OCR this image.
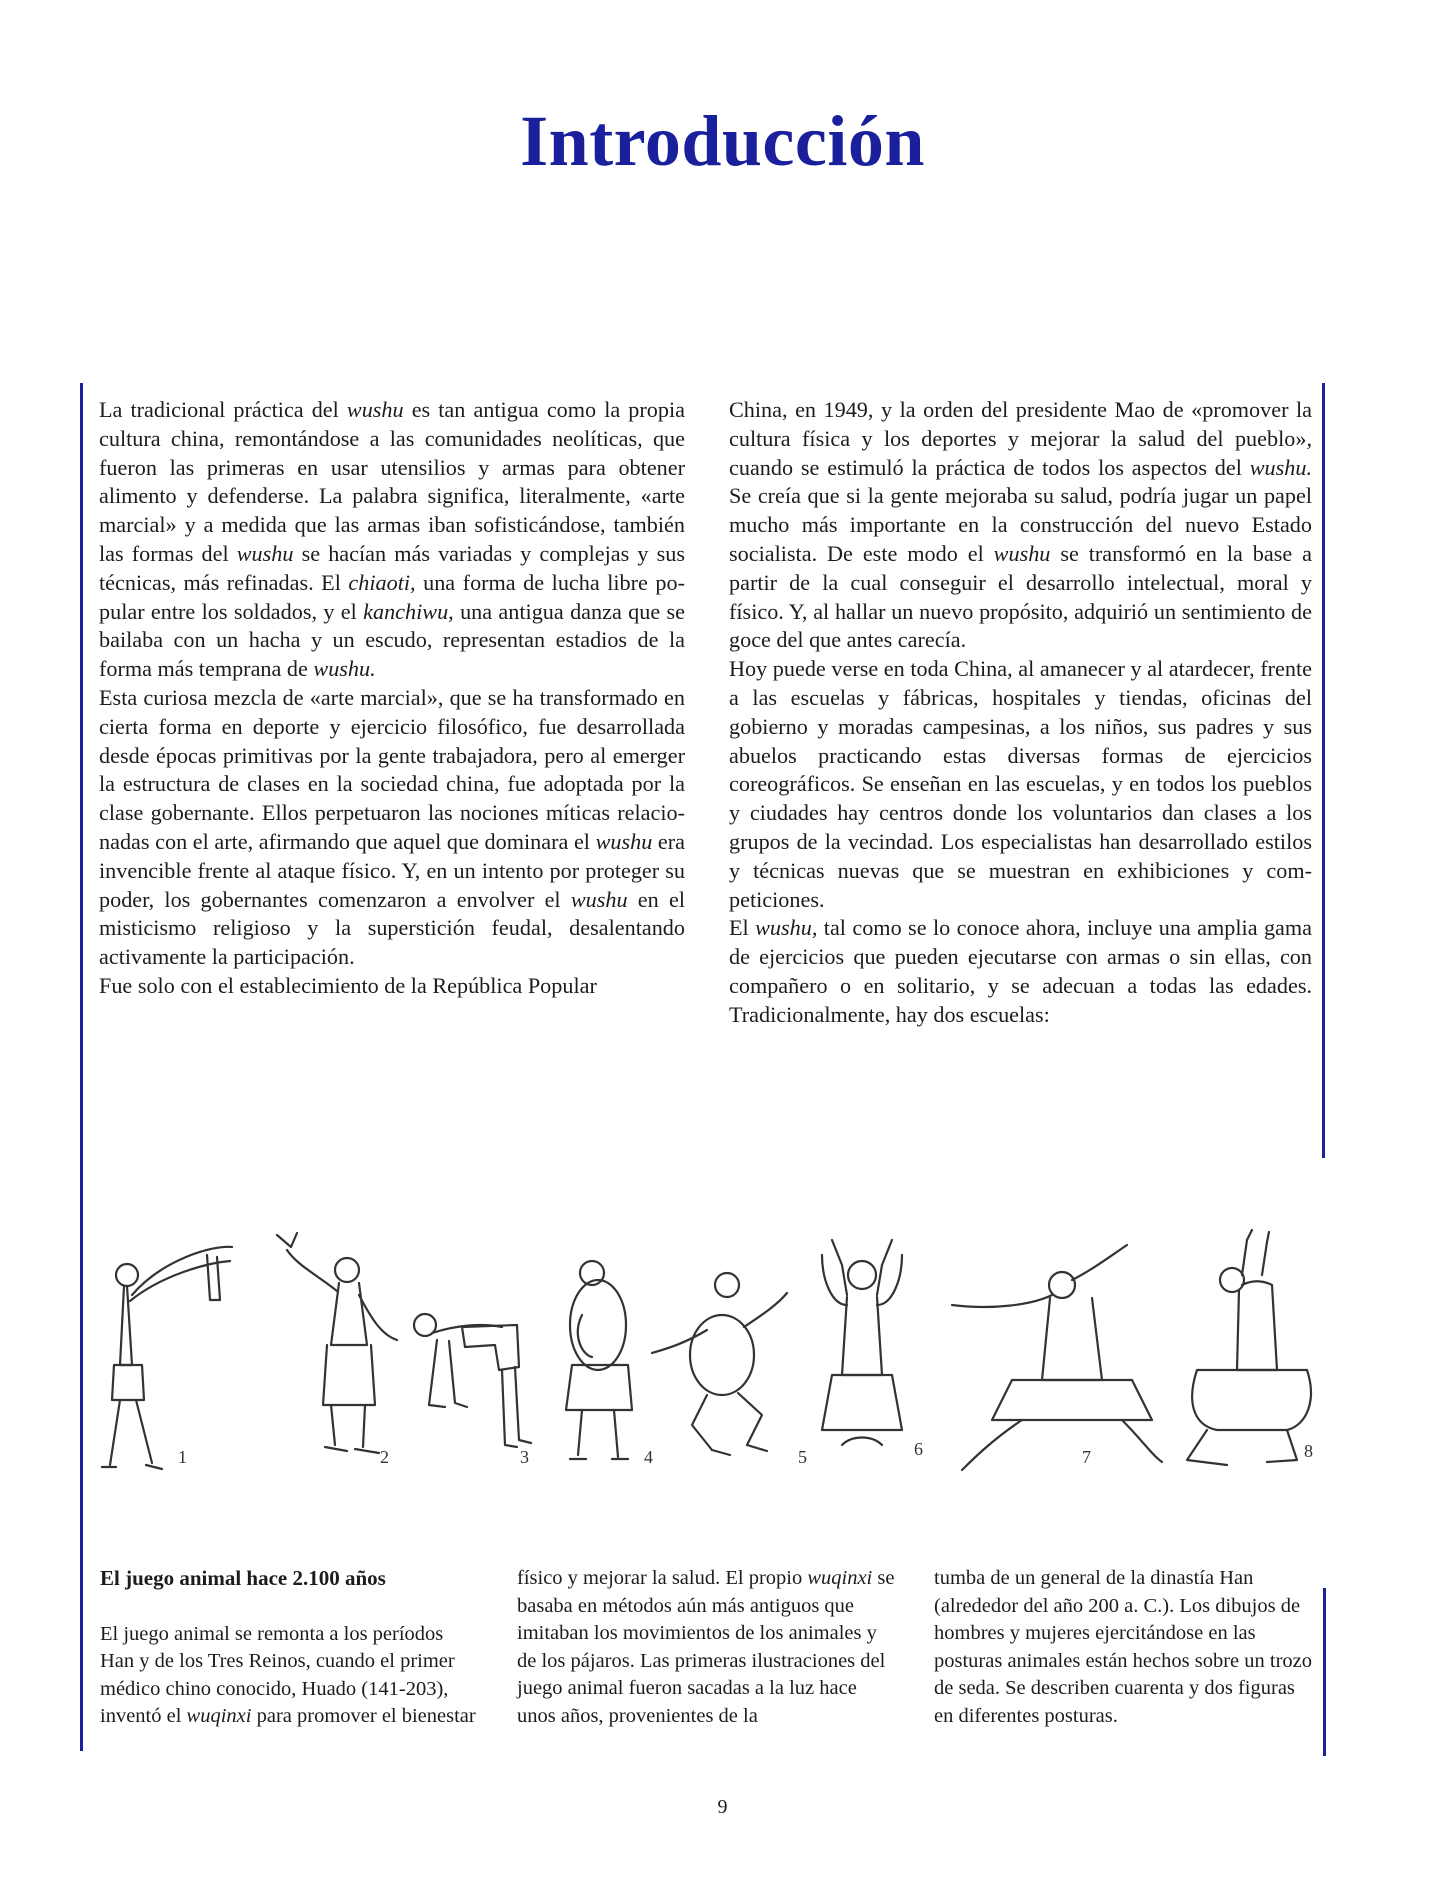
Introducción

La tradicional práctica del wushu es tan antigua como la propia cultura china, remontándose a las comunidades neolíticas, que fueron las primeras en usar utensilios y armas para obtener alimento y defenderse. La palabra significa, literalmente, «arte marcial» y a medida que las armas iban sofisticándose, también las formas del wushu se hacían más variadas y complejas y sus técnicas, más refinadas. El chiaoti, una forma de lucha libre popular entre los soldados, y el kanchiwu, una antigua danza que se bailaba con un hacha y un escudo, representan estadios de la forma más temprana de wushu.

Esta curiosa mezcla de «arte marcial», que se ha transformado en cierta forma en deporte y ejercicio filosófico, fue desarrollada desde épocas primitivas por la gente trabajadora, pero al emerger la estructura de clases en la sociedad china, fue adoptada por la clase gobernante. Ellos perpetuaron las nociones míticas relacionadas con el arte, afirmando que aquel que dominara el wushu era invencible frente al ataque físico. Y, en un intento por proteger su poder, los gobernantes comenzaron a envolver el wushu en el misticismo religioso y la superstición feudal, desalentando activamente la participación.

Fue solo con el establecimiento de la República Popular

China, en 1949, y la orden del presidente Mao de «promover la cultura física y los deportes y mejorar la salud del pueblo», cuando se estimuló la práctica de todos los aspectos del wushu. Se creía que si la gente mejoraba su salud, podría jugar un papel mucho más importante en la construcción del nuevo Estado socialista. De este modo el wushu se transformó en la base a partir de la cual conseguir el desarrollo intelectual, moral y físico. Y, al hallar un nuevo propósito, adquirió un sentimiento de goce del que antes carecía.

Hoy puede verse en toda China, al amanecer y al atardecer, frente a las escuelas y fábricas, hospitales y tiendas, oficinas del gobierno y moradas campesinas, a los niños, sus padres y sus abuelos practicando estas diversas formas de ejercicios coreográficos. Se enseñan en las escuelas, y en todos los pueblos y ciudades hay centros donde los voluntarios dan clases a los grupos de la vecindad. Los especialistas han desarrollado estilos y técnicas nuevas que se muestran en exhibiciones y competiciones.

El wushu, tal como se lo conoce ahora, incluye una amplia gama de ejercicios que pueden ejecutarse con armas o sin ellas, con compañero o en solitario, y se adecuan a todas las edades. Tradicionalmente, hay dos escuelas:

1	2	3	4	5	6	7	8

El juego animal hace 2.100 años

El juego animal se remonta a los períodos Han y de los Tres Reinos, cuando el primer médico chino conocido, Huado (141-203), inventó el wuqinxi para promover el bienestar

físico y mejorar la salud. El propio wuqinxi se basaba en métodos aún más antiguos que imitaban los movimientos de los animales y de los pájaros. Las primeras ilustraciones del juego animal fueron sacadas a la luz hace unos años, provenientes de la

tumba de un general de la dinastía Han (alrededor del año 200 a. C.). Los dibujos de hombres y mujeres ejercitándose en las posturas animales están hechos sobre un trozo de seda. Se describen cuarenta y dos figuras en diferentes posturas.

9
